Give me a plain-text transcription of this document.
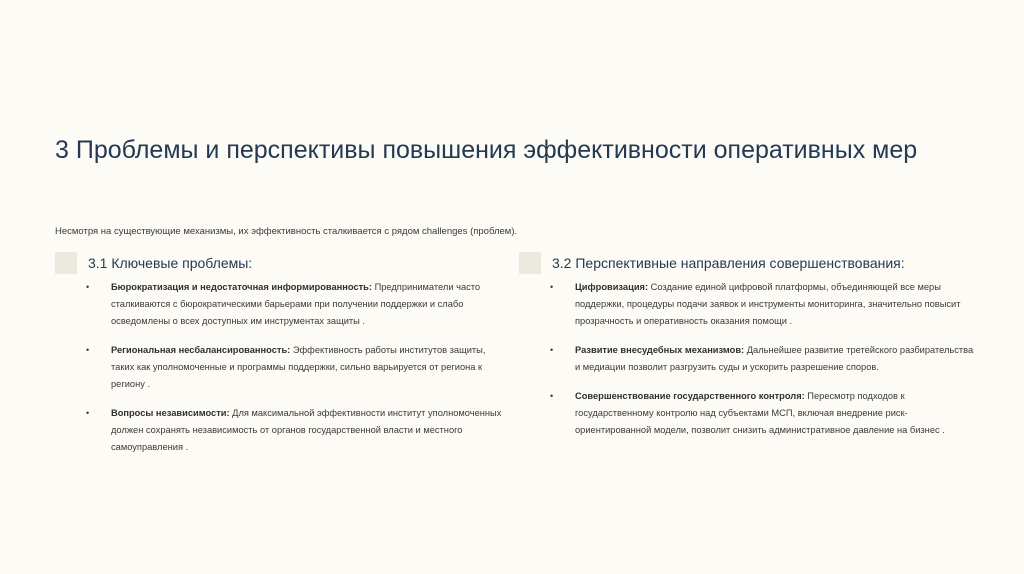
3 Проблемы и перспективы повышения эффективности оперативных мер
Несмотря на существующие механизмы, их эффективность сталкивается с рядом challenges (проблем).
3.1 Ключевые проблемы:
• Бюрократизация и недостаточная информированность: Предприниматели часто сталкиваются с бюрократическими барьерами при получении поддержки и слабо осведомлены о всех доступных им инструментах защиты .
• Региональная несбалансированность: Эффективность работы институтов защиты, таких как уполномоченные и программы поддержки, сильно варьируется от региона к региону .
• Вопросы независимости: Для максимальной эффективности институт уполномоченных должен сохранять независимость от органов государственной власти и местного самоуправления .
3.2 Перспективные направления совершенствования:
• Цифровизация: Создание единой цифровой платформы, объединяющей все меры поддержки, процедуры подачи заявок и инструменты мониторинга, значительно повысит прозрачность и оперативность оказания помощи .
• Развитие внесудебных механизмов: Дальнейшее развитие третейского разбирательства и медиации позволит разгрузить суды и ускорить разрешение споров.
• Совершенствование государственного контроля: Пересмотр подходов к государственному контролю над субъектами МСП, включая внедрение риск-ориентированной модели, позволит снизить административное давление на бизнес .
